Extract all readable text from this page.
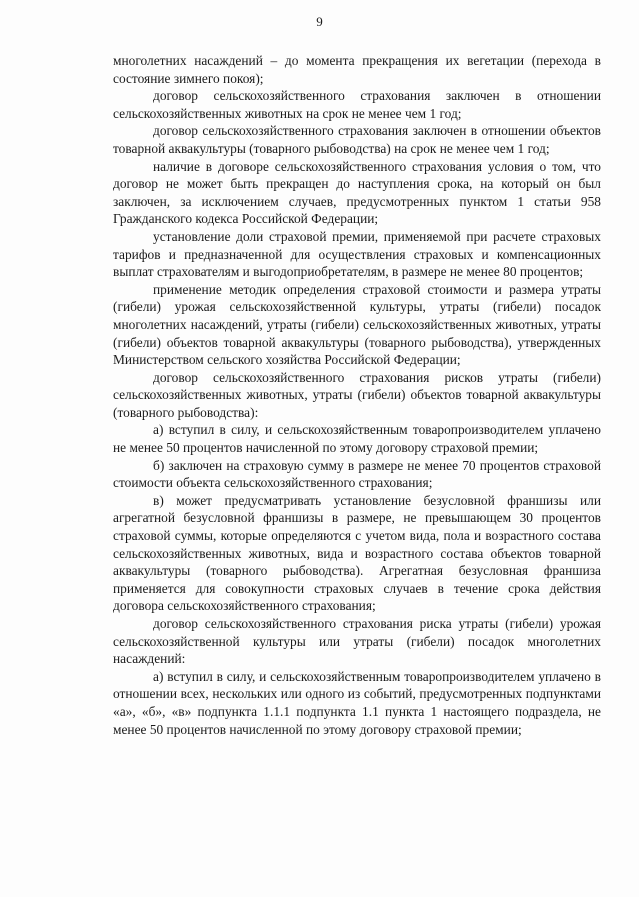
9

многолетних насаждений – до момента прекращения их вегетации (перехода в состояние зимнего покоя);

договор сельскохозяйственного страхования заключен в отношении сельскохозяйственных животных на срок не менее чем 1 год;

договор сельскохозяйственного страхования заключен в отношении объектов товарной аквакультуры (товарного рыбоводства) на срок не менее чем 1 год;

наличие в договоре сельскохозяйственного страхования условия о том, что договор не может быть прекращен до наступления срока, на который он был заключен, за исключением случаев, предусмотренных пунктом 1 статьи 958 Гражданского кодекса Российской Федерации;

установление доли страховой премии, применяемой при расчете страховых тарифов и предназначенной для осуществления страховых и компенсационных выплат страхователям и выгодоприобретателям, в размере не менее 80 процентов;

применение методик определения страховой стоимости и размера утраты (гибели) урожая сельскохозяйственной культуры, утраты (гибели) посадок многолетних насаждений, утраты (гибели) сельскохозяйственных животных, утраты (гибели) объектов товарной аквакультуры (товарного рыбоводства), утвержденных Министерством сельского хозяйства Российской Федерации;

договор сельскохозяйственного страхования рисков утраты (гибели) сельскохозяйственных животных, утраты (гибели) объектов товарной аквакультуры (товарного рыбоводства):

а) вступил в силу, и сельскохозяйственным товаропроизводителем уплачено не менее 50 процентов начисленной по этому договору страховой премии;

б) заключен на страховую сумму в размере не менее 70 процентов страховой стоимости объекта сельскохозяйственного страхования;

в) может предусматривать установление безусловной франшизы или агрегатной безусловной франшизы в размере, не превышающем 30 процентов страховой суммы, которые определяются с учетом вида, пола и возрастного состава сельскохозяйственных животных, вида и возрастного состава объектов товарной аквакультуры (товарного рыбоводства). Агрегатная безусловная франшиза применяется для совокупности страховых случаев в течение срока действия договора сельскохозяйственного страхования;

договор сельскохозяйственного страхования риска утраты (гибели) урожая сельскохозяйственной культуры или утраты (гибели) посадок многолетних насаждений:

а) вступил в силу, и сельскохозяйственным товаропроизводителем уплачено в отношении всех, нескольких или одного из событий, предусмотренных подпунктами «а», «б», «в» подпункта 1.1.1 подпункта 1.1 пункта 1 настоящего подраздела, не менее 50 процентов начисленной по этому договору страховой премии;
